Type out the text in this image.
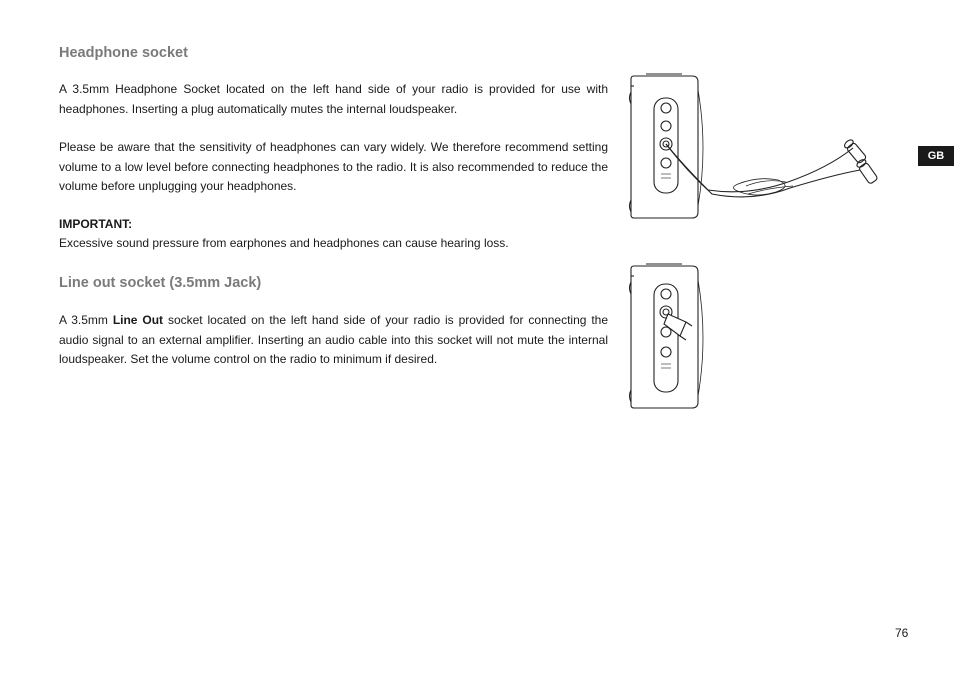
Headphone socket

A 3.5mm Headphone Socket located on the left hand side of your radio is provided for use with headphones. Inserting a plug automatically mutes the internal loudspeaker.

Please be aware that the sensitivity of headphones can vary widely. We therefore recommend setting volume to a low level before connecting headphones to the radio. It is also recommended to reduce the volume before unplugging your headphones.

IMPORTANT:

Excessive sound pressure from earphones and headphones can cause hearing loss.

Line out socket (3.5mm Jack)

A 3.5mm Line Out socket located on the left hand side of your radio is provided for connecting the audio signal to an external amplifier. Inserting an audio cable into this socket will not mute the internal loudspeaker. Set the volume control on the radio to minimum if desired.

GB
76
